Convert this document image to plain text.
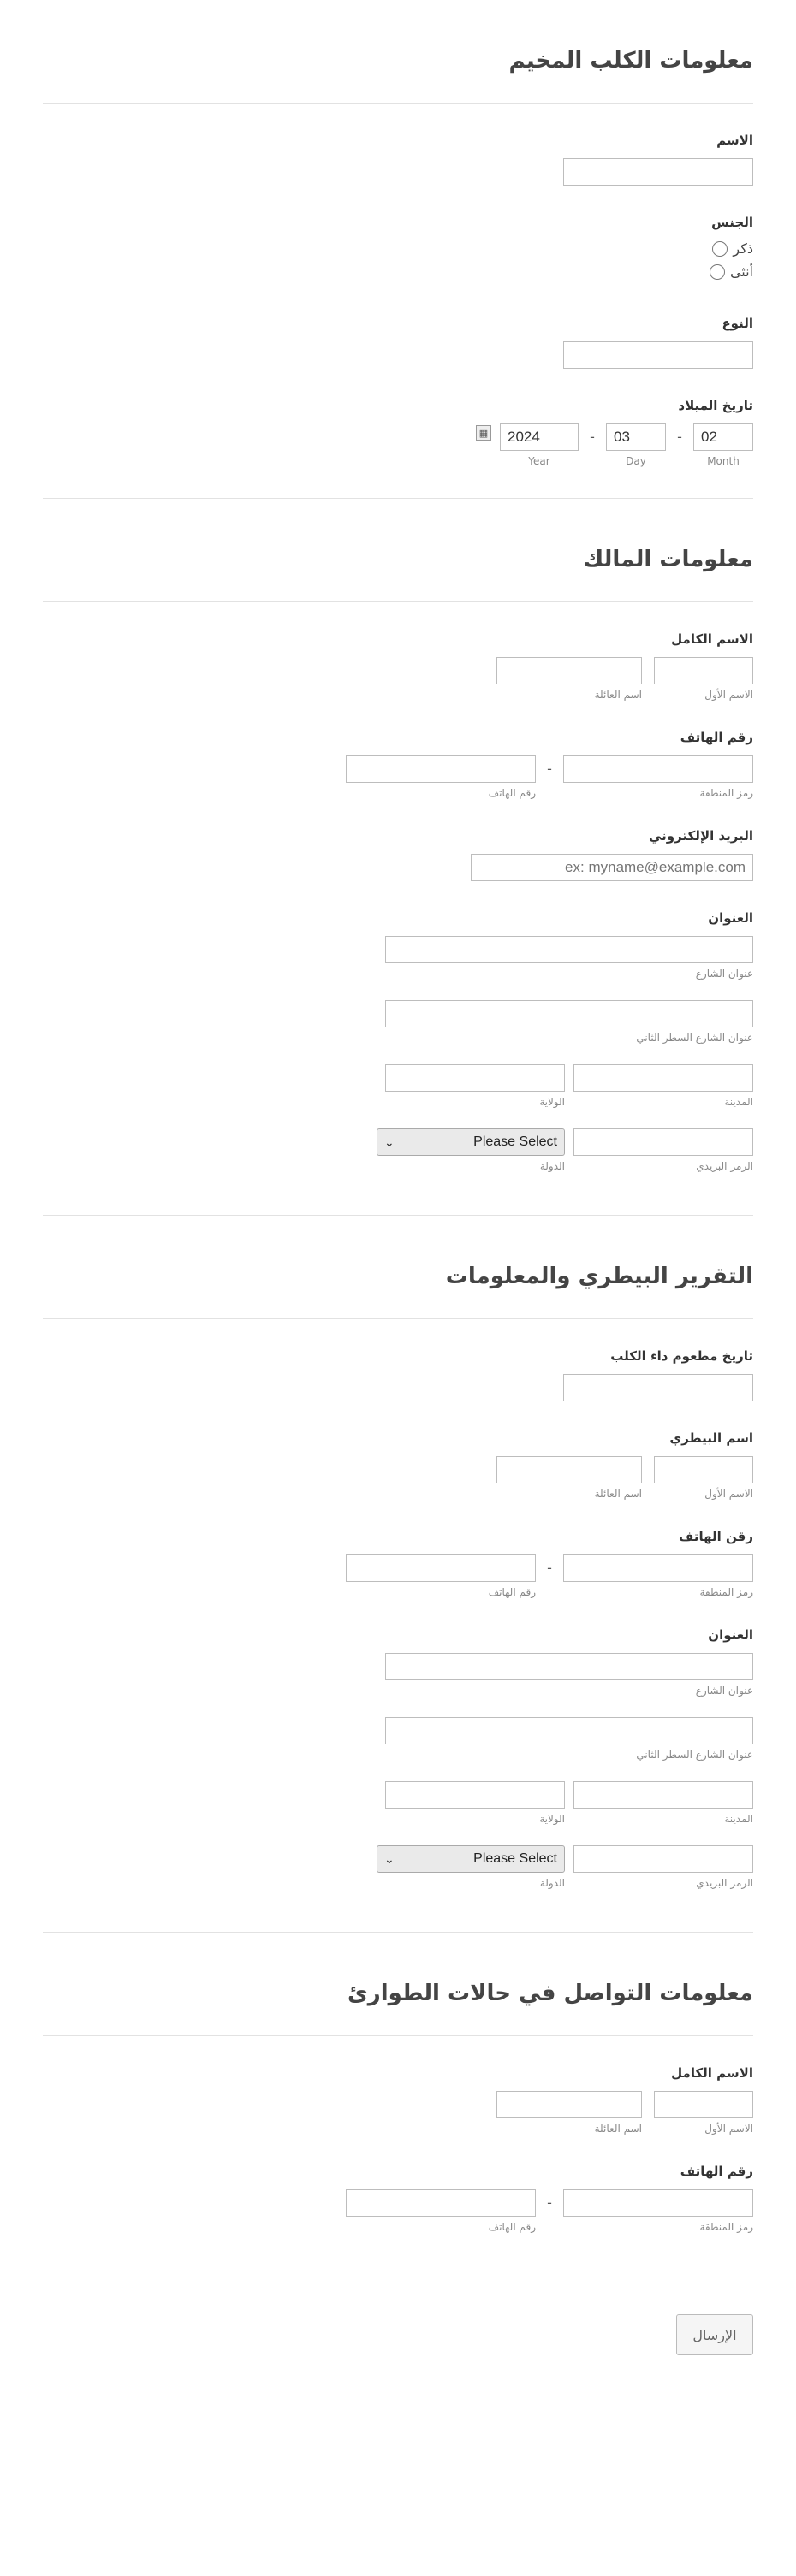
معلومات الكلب المخيم
الاسم
الجنس
ذكر
أنثى
النوع
تاريخ الميلاد
02
Month
-
03
Day
-
2024
Year
▦
معلومات المالك
الاسم الكامل
الاسم الأول
اسم العائلة
رقم الهاتف
رمز المنطقة
-
رقم الهاتف
البريد الإلكتروني
ex: myname@example.com
العنوان
عنوان الشارع
عنوان الشارع السطر الثاني
المدينة
الولاية
الرمز البريدي
⌄	Please Select
الدولة
التقرير البيطري والمعلومات
تاريخ مطعوم داء الكلب
اسم البيطري
الاسم الأول
اسم العائلة
رقن الهاتف
رمز المنطقة
-
رقم الهاتف
العنوان
عنوان الشارع
عنوان الشارع السطر الثاني
المدينة
الولاية
الرمز البريدي
⌄	Please Select
الدولة
معلومات التواصل في حالات الطوارئ
الاسم الكامل
الاسم الأول
اسم العائلة
رقم الهاتف
رمز المنطقة
-
رقم الهاتف
الإرسال
